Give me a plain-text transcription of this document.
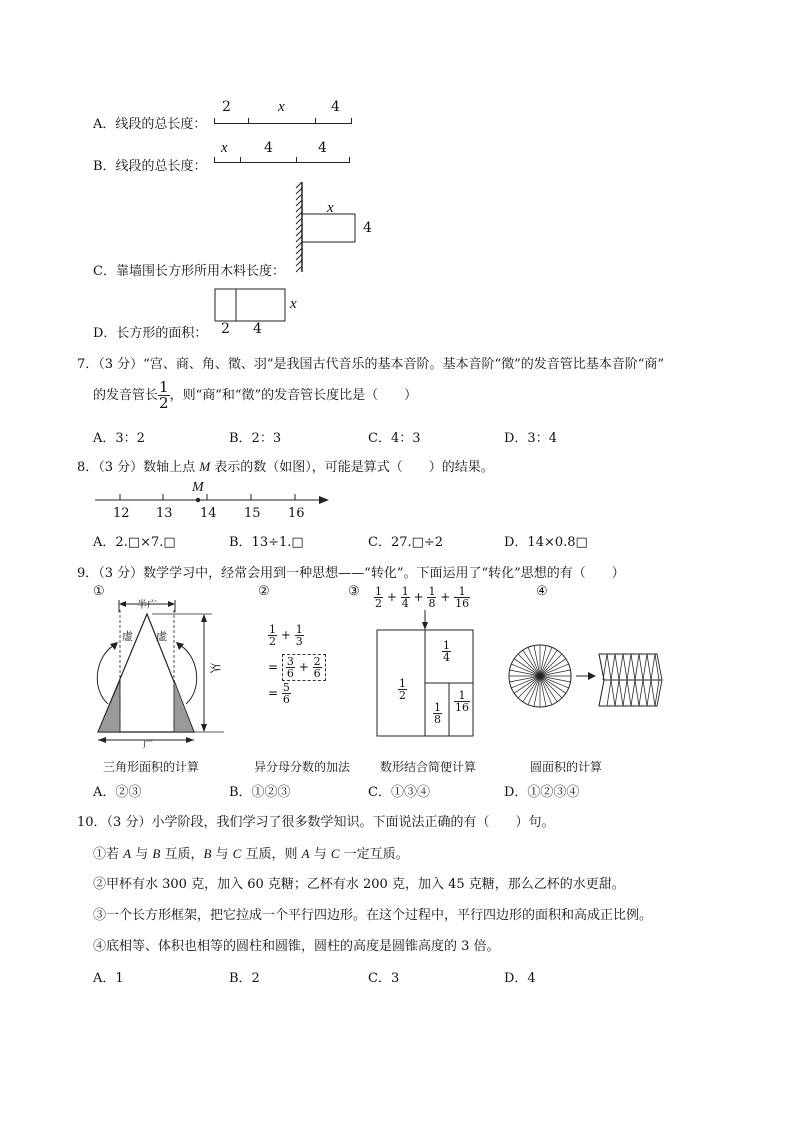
A．线段的总长度：
2	x	4
B．线段的总长度：
x	4	4
C．靠墙围长方形所用木料长度：
x
4
D．长方形的面积： 2 4
x
7．（3 分）“宫、商、角、徵、羽”是我国古代音乐的基本音阶。基本音阶“徵”的发音管比基本音阶“商”
的发音管长 $\frac{1}{2}$ ，则“商”和“徵”的发音管长度比是（　　）
A．3：2	B．2：3	C．4：3	D．3：4
8．（3 分）数轴上点 M 表示的数（如图），可能是算式（　　）的结果。
M
12 13 14 15 16
A．2.□×7.□	B．13÷1.□	C．27.□÷2	D．14×0.8□
9．（3 分）数学学习中，经常会用到一种思想——“转化”。下面运用了“转化”思想的有（　　）
①	②	③	④
半广
虚 虚
从
广
$\frac{1}{2} + \frac{1}{3}$
= $\frac{3}{6} + \frac{2}{6}$
= $\frac{5}{6}$
$\frac{1}{2} + \frac{1}{4} + \frac{1}{8} + \frac{1}{16}$
$\frac{1}{2}$
$\frac{1}{4}$
$\frac{1}{8}$
$\frac{1}{16}$
三角形面积的计算	异分母分数的加法 数形结合简便计算	圆面积的计算
A．②③	B．①②③	C．①③④	D．①②③④
10．（3 分）小学阶段，我们学习了很多数学知识。下面说法正确的有（　　）句。
①若 A 与 B 互质，B 与 C 互质，则 A 与 C 一定互质。
②甲杯有水 300 克，加入 60 克糖；乙杯有水 200 克，加入 45 克糖，那么乙杯的水更甜。
③一个长方形框架，把它拉成一个平行四边形。在这个过程中，平行四边形的面积和高成正比例。
④底相等、体积也相等的圆柱和圆锥，圆柱的高度是圆锥高度的 3 倍。
A．1	B．2	C．3	D．4
